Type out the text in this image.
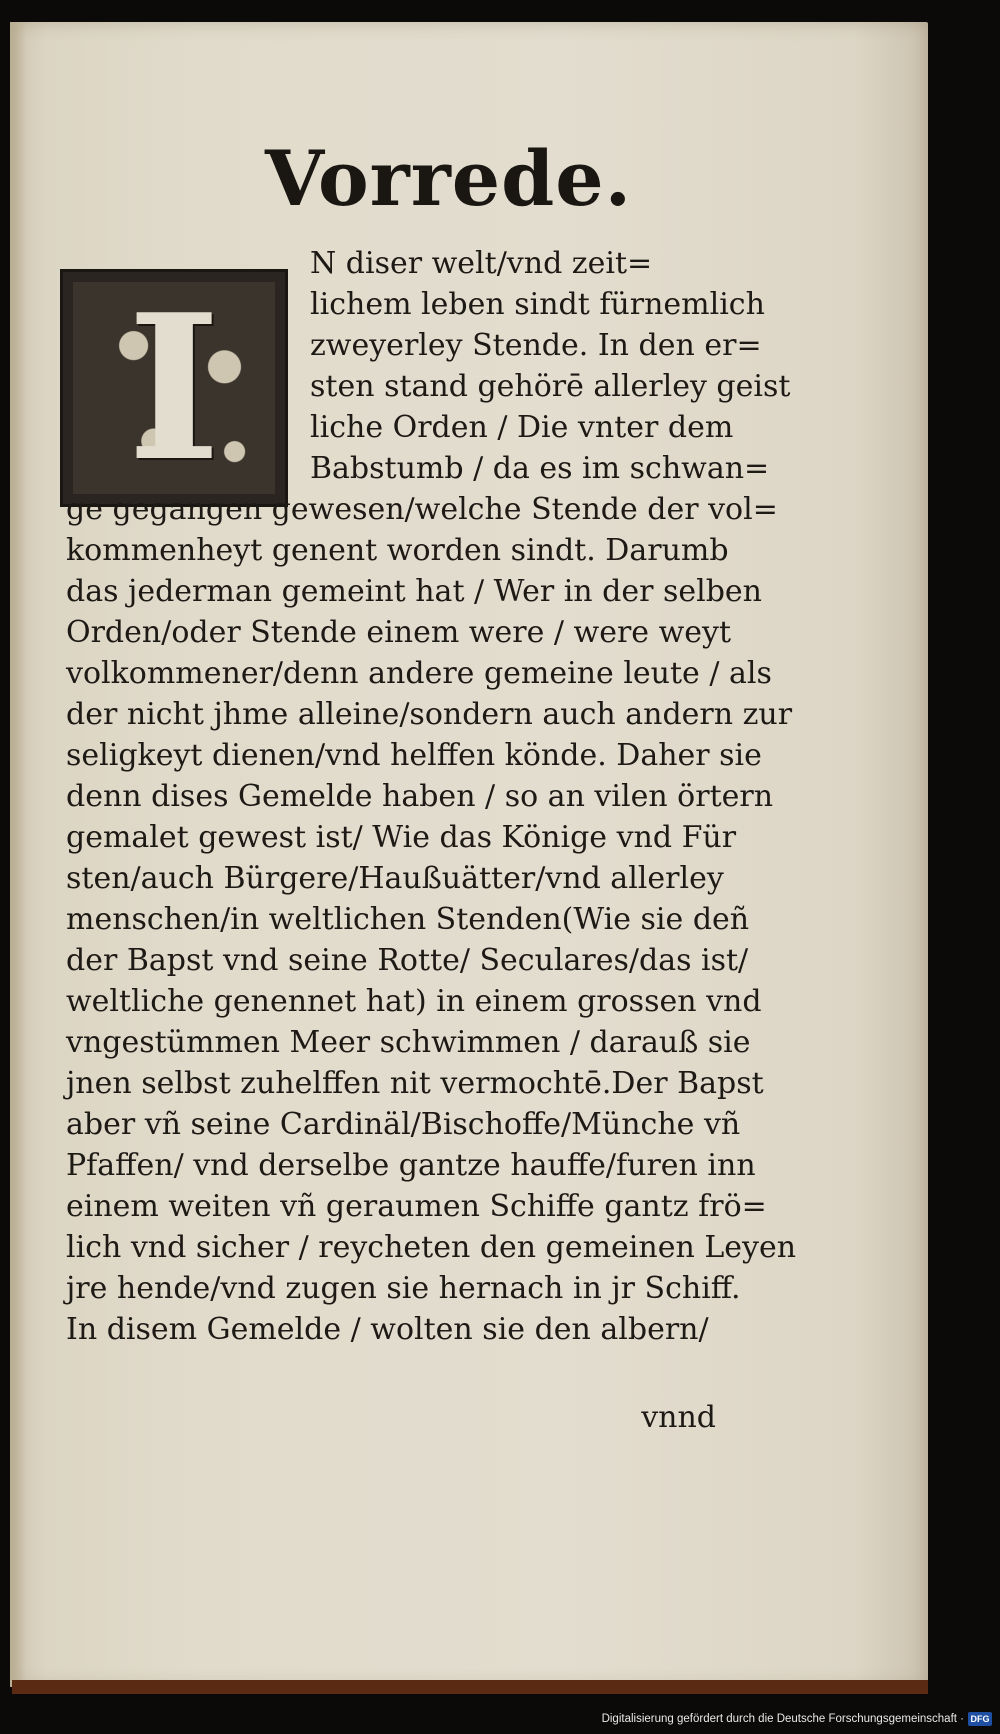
Vorrede.
I

N diser welt/vnd zeit=

lichem leben sindt fürnemlich

zweyerley Stende. In den er=

sten stand gehörē allerley geist

liche Orden / Die vnter dem

Babstumb / da es im schwan=

ge gegangen gewesen/welche Stende der vol=

kommenheyt genent worden sindt. Darumb

das jederman gemeint hat / Wer in der selben

Orden/oder Stende einem were / were weyt

volkommener/denn andere gemeine leute / als

der nicht jhme alleine/sondern auch andern zur

seligkeyt dienen/vnd helffen könde. Daher sie

denn dises Gemelde haben / so an vilen örtern

gemalet gewest ist/ Wie das Könige vnd Für

sten/auch Bürgere/Haußuätter/vnd allerley

menschen/in weltlichen Stenden(Wie sie deñ

der Bapst vnd seine Rotte/ Seculares/das ist/

weltliche genennet hat) in einem grossen vnd

vngestümmen Meer schwimmen / darauß sie

jnen selbst zuhelffen nit vermochtē.Der Bapst

aber vñ seine Cardinäl/Bischoffe/Münche vñ

Pfaffen/ vnd derselbe gantze hauffe/furen inn

einem weiten vñ geraumen Schiffe gantz frö=

lich vnd sicher / reycheten den gemeinen Leyen

jre hende/vnd zugen sie hernach in jr Schiff.

In disem Gemelde / wolten sie den albern/

vnnd

Digitalisierung gefördert durch die Deutsche Forschungsgemeinschaft · DFG
